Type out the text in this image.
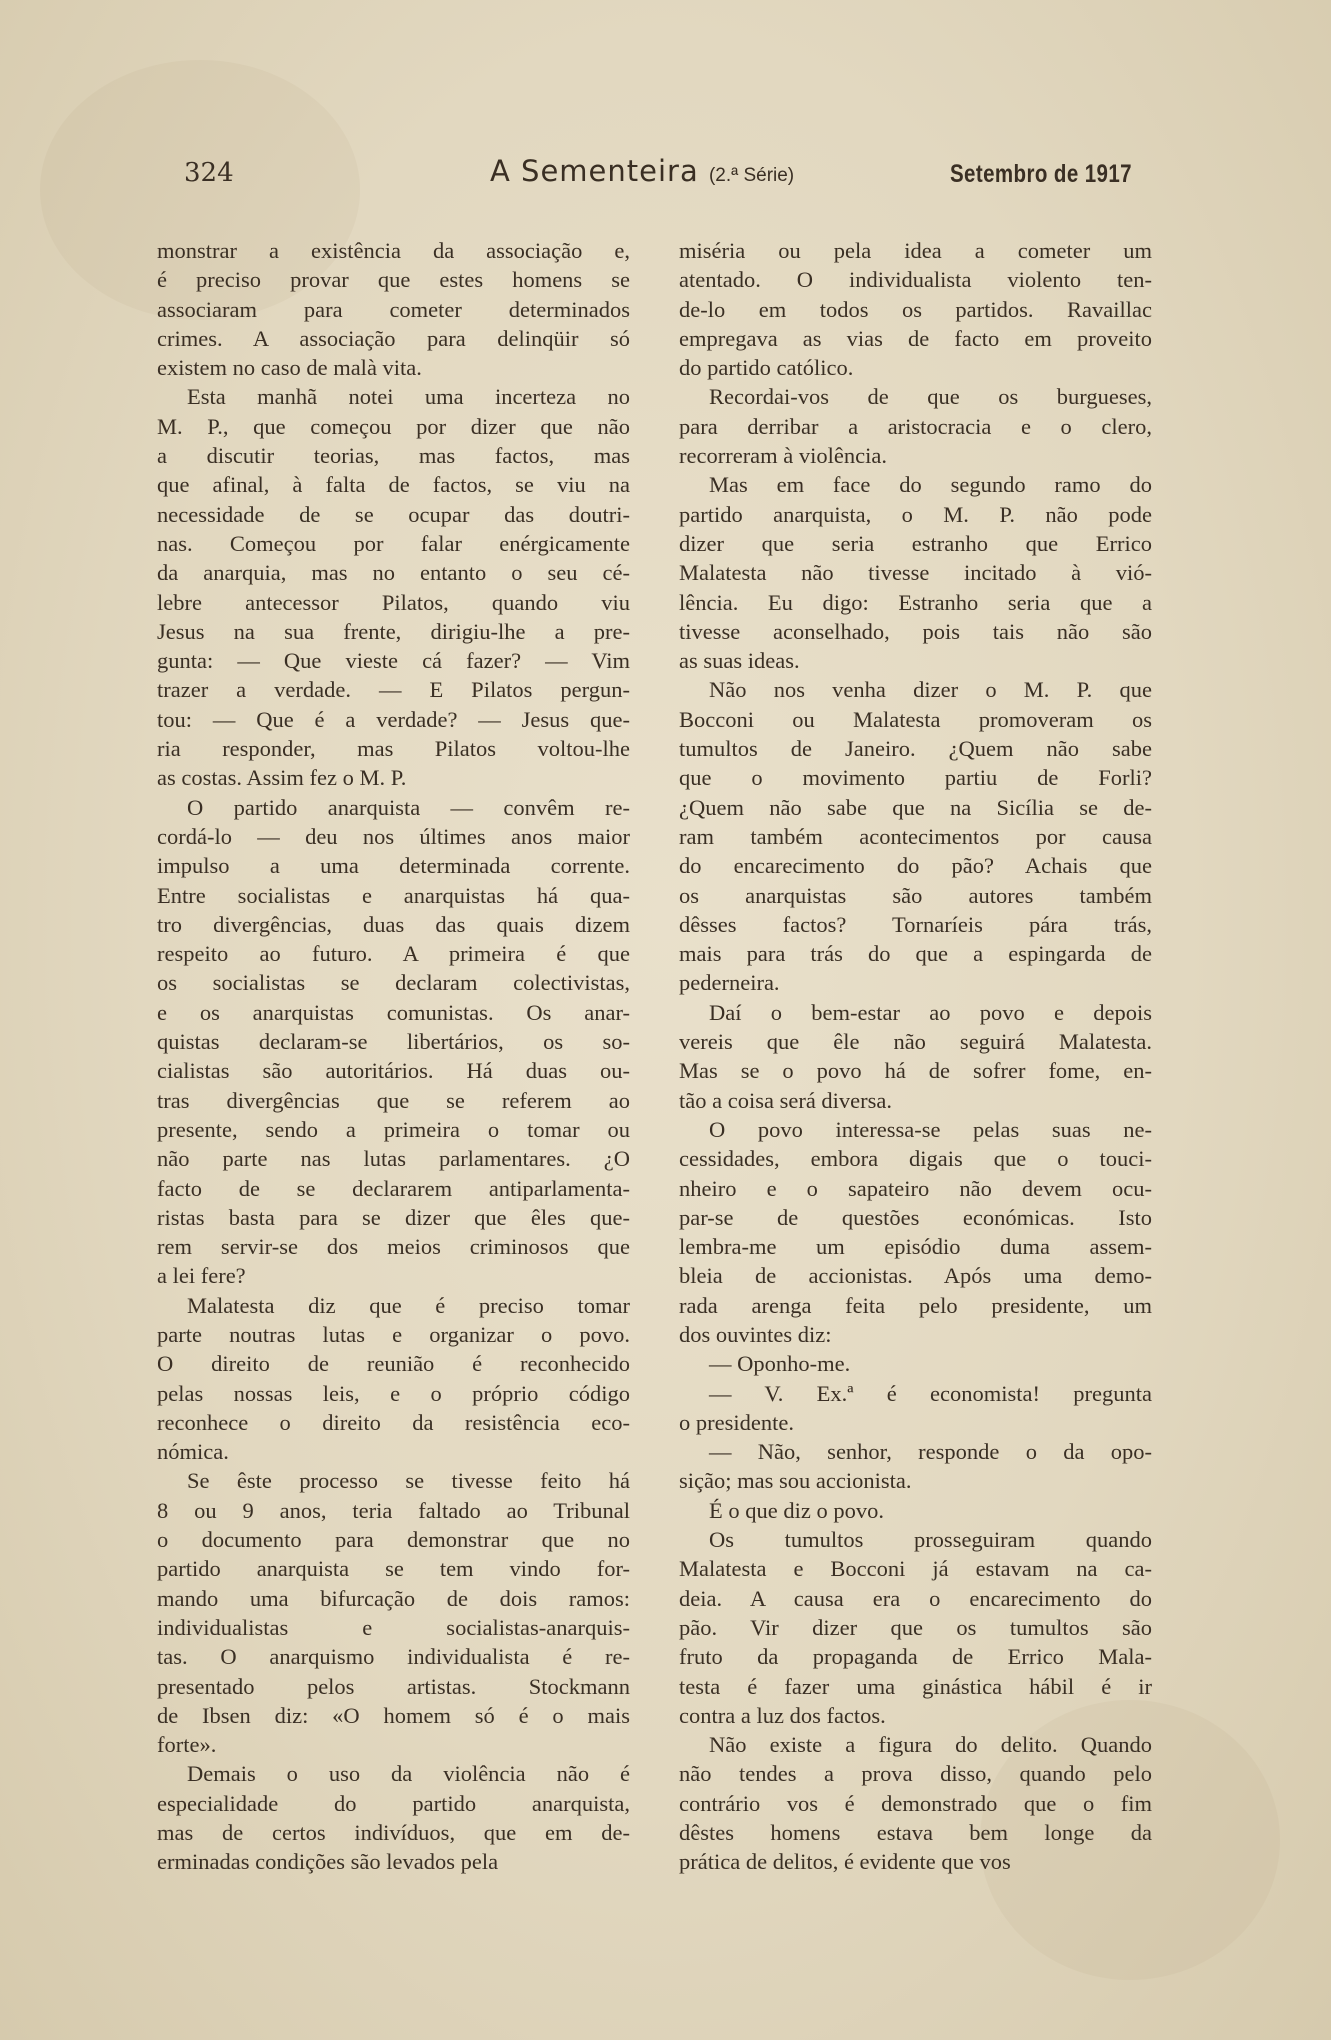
324	A Sementeira (2.ª Série)	Setembro de 1917
monstrar a existência da associação e,
é preciso provar que estes homens se
associaram para cometer determinados
crimes. A associação para delinqüir só
existem no caso de malà vita.
Esta manhã notei uma incerteza no
M. P., que começou por dizer que não
a discutir teorias, mas factos, mas
que afinal, à falta de factos, se viu na
necessidade de se ocupar das doutri-
nas. Começou por falar enérgicamente
da anarquia, mas no entanto o seu cé-
lebre antecessor Pilatos, quando viu
Jesus na sua frente, dirigiu-lhe a pre-
gunta: — Que vieste cá fazer? — Vim
trazer a verdade. — E Pilatos pergun-
tou: — Que é a verdade? — Jesus que-
ria responder, mas Pilatos voltou-lhe
as costas. Assim fez o M. P.
O partido anarquista — convêm re-
cordá-lo — deu nos últimes anos maior
impulso a uma determinada corrente.
Entre socialistas e anarquistas há qua-
tro divergências, duas das quais dizem
respeito ao futuro. A primeira é que
os socialistas se declaram colectivistas,
e os anarquistas comunistas. Os anar-
quistas declaram-se libertários, os so-
cialistas são autoritários. Há duas ou-
tras divergências que se referem ao
presente, sendo a primeira o tomar ou
não parte nas lutas parlamentares. ¿O
facto de se declararem antiparlamenta-
ristas basta para se dizer que êles que-
rem servir-se dos meios criminosos que
a lei fere?
Malatesta diz que é preciso tomar
parte noutras lutas e organizar o povo.
O direito de reunião é reconhecido
pelas nossas leis, e o próprio código
reconhece o direito da resistência eco-
nómica.
Se êste processo se tivesse feito há
8 ou 9 anos, teria faltado ao Tribunal
o documento para demonstrar que no
partido anarquista se tem vindo for-
mando uma bifurcação de dois ramos:
individualistas e socialistas-anarquis-
tas. O anarquismo individualista é re-
presentado pelos artistas. Stockmann
de Ibsen diz: «O homem só é o mais
forte».
Demais o uso da violência não é
especialidade do partido anarquista,
mas de certos indivíduos, que em de-
erminadas condições são levados pela
miséria ou pela idea a cometer um
atentado. O individualista violento ten-
de-lo em todos os partidos. Ravaillac
empregava as vias de facto em proveito
do partido católico.
Recordai-vos de que os burgueses,
para derribar a aristocracia e o clero,
recorreram à violência.
Mas em face do segundo ramo do
partido anarquista, o M. P. não pode
dizer que seria estranho que Errico
Malatesta não tivesse incitado à vió-
lência. Eu digo: Estranho seria que a
tivesse aconselhado, pois tais não são
as suas ideas.
Não nos venha dizer o M. P. que
Bocconi ou Malatesta promoveram os
tumultos de Janeiro. ¿Quem não sabe
que o movimento partiu de Forli?
¿Quem não sabe que na Sicília se de-
ram também acontecimentos por causa
do encarecimento do pão? Achais que
os anarquistas são autores também
dêsses factos? Tornaríeis pára trás,
mais para trás do que a espingarda de
pederneira.
Daí o bem-estar ao povo e depois
vereis que êle não seguirá Malatesta.
Mas se o povo há de sofrer fome, en-
tão a coisa será diversa.
O povo interessa-se pelas suas ne-
cessidades, embora digais que o touci-
nheiro e o sapateiro não devem ocu-
par-se de questões económicas. Isto
lembra-me um episódio duma assem-
bleia de accionistas. Após uma demo-
rada arenga feita pelo presidente, um
dos ouvintes diz:
— Oponho-me.
— V. Ex.ª é economista! pregunta
o presidente.
— Não, senhor, responde o da opo-
sição; mas sou accionista.
É o que diz o povo.
Os tumultos prosseguiram quando
Malatesta e Bocconi já estavam na ca-
deia. A causa era o encarecimento do
pão. Vir dizer que os tumultos são
fruto da propaganda de Errico Mala-
testa é fazer uma ginástica hábil é ir
contra a luz dos factos.
Não existe a figura do delito. Quando
não tendes a prova disso, quando pelo
contrário vos é demonstrado que o fim
dêstes homens estava bem longe da
prática de delitos, é evidente que vos
